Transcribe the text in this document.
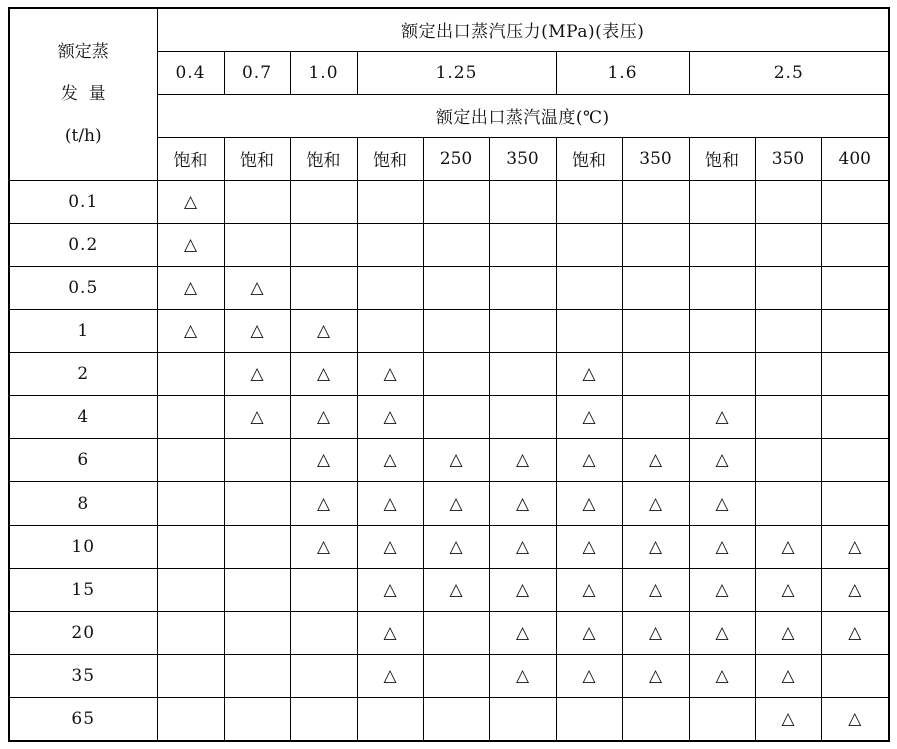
额定蒸
发  量
(t/h)	额定出口蒸汽压力(MPa)(表压)										
	0.4	0.7	1.0	1.25			1.6		2.5		
	额定出口蒸汽温度(℃)										
	饱和	饱和	饱和	饱和	250	350	饱和	350	饱和	350	400
0.1	△										
0.2	△										
0.5	△	△									
1	△	△	△								
2		△	△	△			△				
4		△	△	△			△		△		
6			△	△	△	△	△	△	△		
8			△	△	△	△	△	△	△		
10			△	△	△	△	△	△	△	△	△
15				△	△	△	△	△	△	△	△
20				△		△	△	△	△	△	△
35				△		△	△	△	△	△	
65										△	△
